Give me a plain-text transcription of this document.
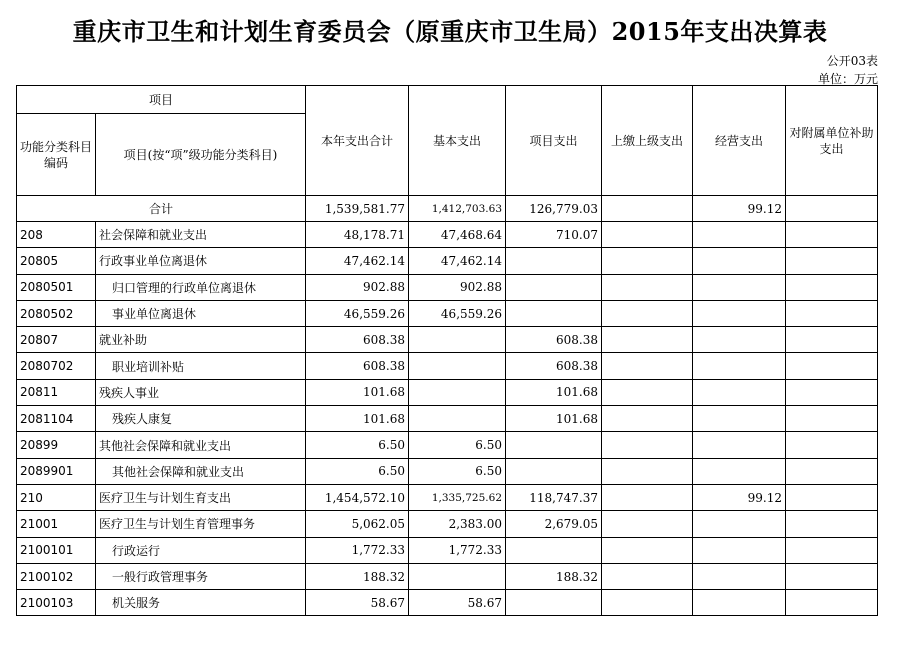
重庆市卫生和计划生育委员会（原重庆市卫生局）2015年支出决算表
公开03表
单位：万元
项目		本年支出合计	基本支出	项目支出	上缴上级支出	经营支出	对附属单位补助支出
功能分类科目编码	项目(按“项”级功能分类科目)						
合计		1,539,581.77	1,412,703.63	126,779.03		99.12	
208	社会保障和就业支出	48,178.71	47,468.64	710.07			
20805	行政事业单位离退休	47,462.14	47,462.14				
2080501	归口管理的行政单位离退休	902.88	902.88				
2080502	事业单位离退休	46,559.26	46,559.26				
20807	就业补助	608.38		608.38			
2080702	职业培训补贴	608.38		608.38			
20811	残疾人事业	101.68		101.68			
2081104	残疾人康复	101.68		101.68			
20899	其他社会保障和就业支出	6.50	6.50				
2089901	其他社会保障和就业支出	6.50	6.50				
210	医疗卫生与计划生育支出	1,454,572.10	1,335,725.62	118,747.37		99.12	
21001	医疗卫生与计划生育管理事务	5,062.05	2,383.00	2,679.05			
2100101	行政运行	1,772.33	1,772.33				
2100102	一般行政管理事务	188.32		188.32			
2100103	机关服务	58.67	58.67				
